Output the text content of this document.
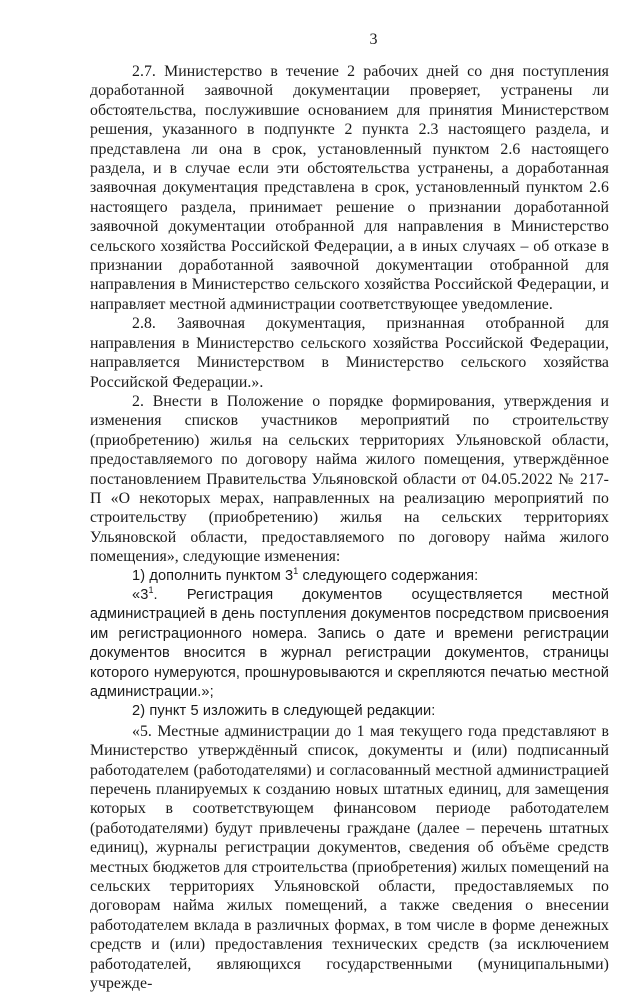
3

2.7. Министерство в течение 2 рабочих дней со дня поступления доработанной заявочной документации проверяет, устранены ли обстоятельства, послужившие основанием для принятия Министерством решения, указанного в подпункте 2 пункта 2.3 настоящего раздела, и представлена ли она в срок, установленный пунктом 2.6 настоящего раздела, и в случае если эти обстоятельства устранены, а доработанная заявочная документация представлена в срок, установленный пунктом 2.6 настоящего раздела, принимает решение о признании доработанной заявочной документации отобранной для направления в Министерство сельского хозяйства Российской Федерации, а в иных случаях – об отказе в признании доработанной заявочной документации отобранной для направления в Министерство сельского хозяйства Российской Федерации, и направляет местной администрации соответствующее уведомление.

2.8. Заявочная документация, признанная отобранной для направления в Министерство сельского хозяйства Российской Федерации, направляется Министерством в Министерство сельского хозяйства Российской Федерации.».

2. Внести в Положение о порядке формирования, утверждения и изменения списков участников мероприятий по строительству (приобретению) жилья на сельских территориях Ульяновской области, предоставляемого по договору найма жилого помещения, утверждённое постановлением Правительства Ульяновской области от 04.05.2022 № 217-П «О некоторых мерах, направленных на реализацию мероприятий по строительству (приобретению) жилья на сельских территориях Ульяновской области, предоставляемого по договору найма жилого помещения», следующие изменения:

1) дополнить пунктом $3^1$ следующего содержания:

«$3^1$. Регистрация документов осуществляется местной администрацией в день поступления документов посредством присвоения им регистрационного номера. Запись о дате и времени регистрации документов вносится в журнал регистрации документов, страницы которого нумеруются, прошнуровываются и скрепляются печатью местной администрации.»;

2) пункт 5 изложить в следующей редакции:

«5. Местные администрации до 1 мая текущего года представляют в Министерство утверждённый список, документы и (или) подписанный работодателем (работодателями) и согласованный местной администрацией перечень планируемых к созданию новых штатных единиц, для замещения которых в соответствующем финансовом периоде работодателем (работодателями) будут привлечены граждане (далее – перечень штатных единиц), журналы регистрации документов, сведения об объёме средств местных бюджетов для строительства (приобретения) жилых помещений на сельских территориях Ульяновской области, предоставляемых по договорам найма жилых помещений, а также сведения о внесении работодателем вклада в различных формах, в том числе в форме денежных средств и (или) предоставления технических средств (за исключением работодателей, являющихся государственными (муниципальными) учрежде-
